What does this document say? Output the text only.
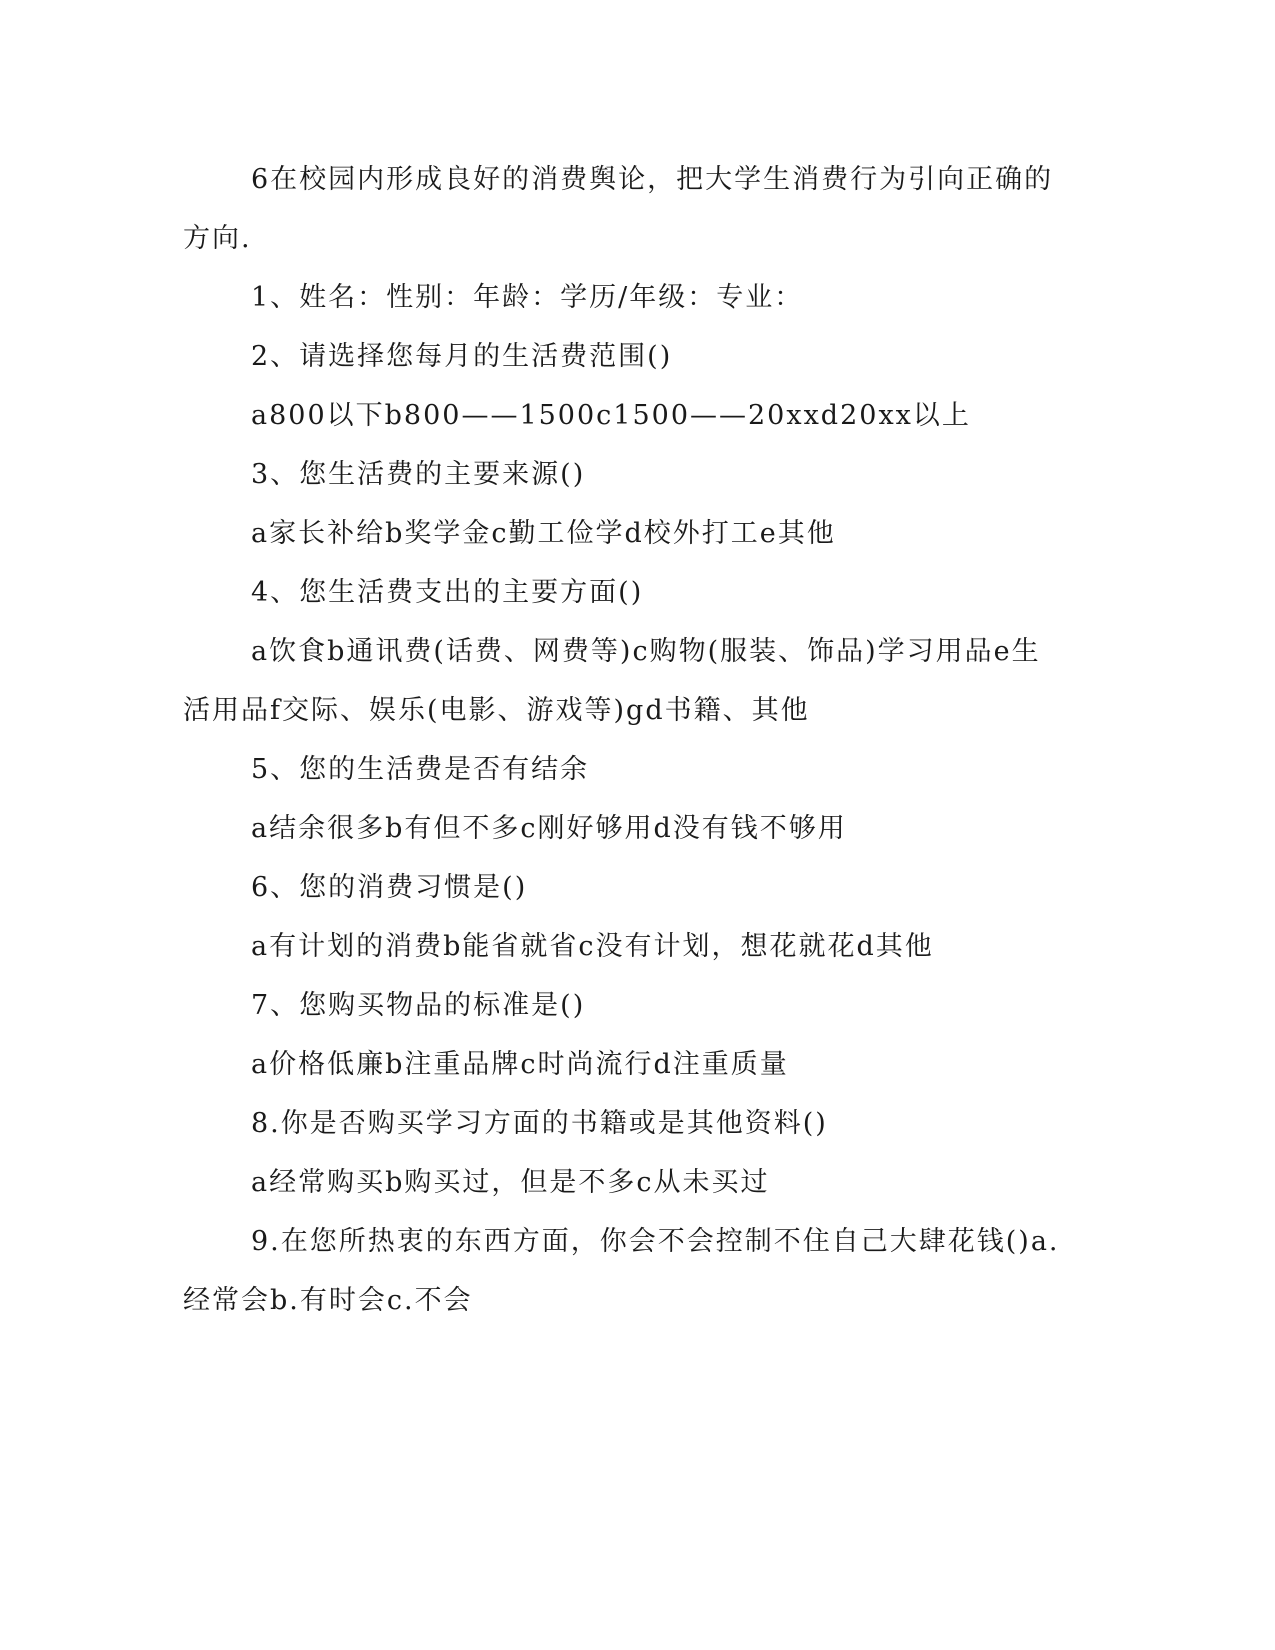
6在校园内形成良好的消费舆论，把大学生消费行为引向正确的方向.

1、姓名：性别：年龄：学历/年级：专业：

2、请选择您每月的生活费范围()

a800以下b800——1500c1500——20xxd20xx以上

3、您生活费的主要来源()

a家长补给b奖学金c勤工俭学d校外打工e其他

4、您生活费支出的主要方面()

a饮食b通讯费(话费、网费等)c购物(服装、饰品)学习用品e生活用品f交际、娱乐(电影、游戏等)gd书籍、其他

5、您的生活费是否有结余

a结余很多b有但不多c刚好够用d没有钱不够用

6、您的消费习惯是()

a有计划的消费b能省就省c没有计划，想花就花d其他

7、您购买物品的标准是()

a价格低廉b注重品牌c时尚流行d注重质量

8.你是否购买学习方面的书籍或是其他资料()

a经常购买b购买过，但是不多c从未买过

9.在您所热衷的东西方面，你会不会控制不住自己大肆花钱()a.经常会b.有时会c.不会
